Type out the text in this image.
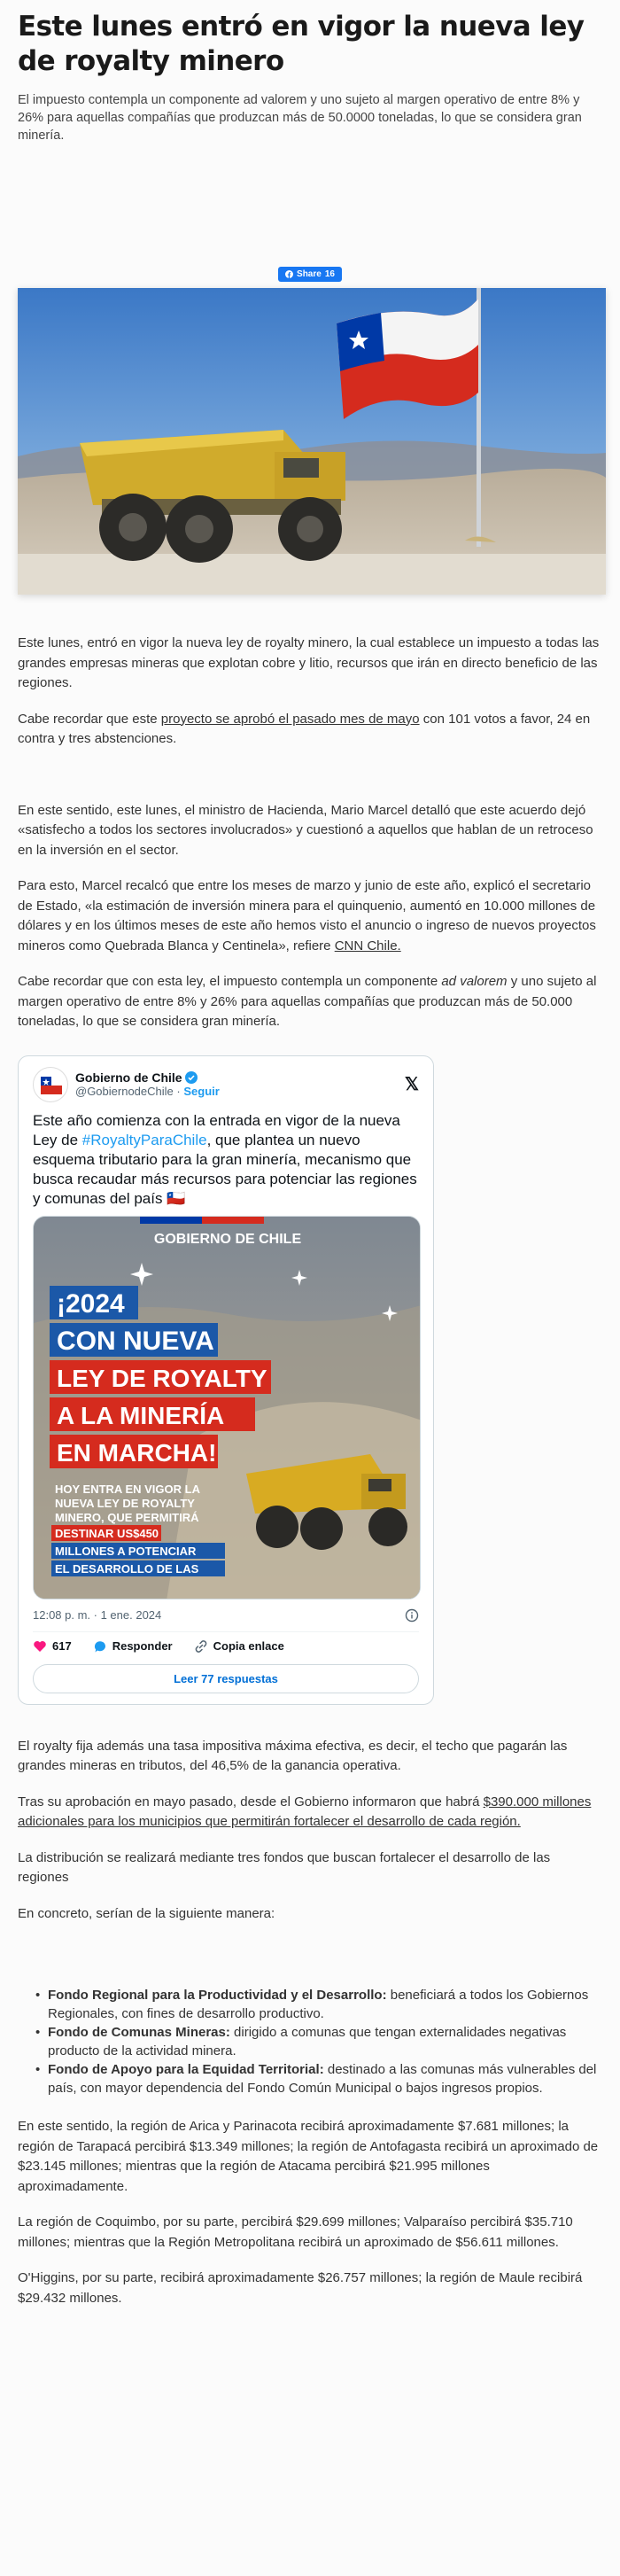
Este lunes entró en vigor la nueva ley de royalty minero

El impuesto contempla un componente ad valorem y uno sujeto al margen operativo de entre 8% y 26% para aquellas compañías que produzcan más de 50.0000 toneladas, lo que se considera gran minería.

Share 16

Este lunes, entró en vigor la nueva ley de royalty minero, la cual establece un impuesto a todas las grandes empresas mineras que explotan cobre y litio, recursos que irán en directo beneficio de las regiones.

Cabe recordar que este proyecto se aprobó el pasado mes de mayo con 101 votos a favor, 24 en contra y tres abstenciones.

En este sentido, este lunes, el ministro de Hacienda, Mario Marcel detalló que este acuerdo dejó «satisfecho a todos los sectores involucrados» y cuestionó a aquellos que hablan de un retroceso en la inversión en el sector.

Para esto, Marcel recalcó que entre los meses de marzo y junio de este año, explicó el secretario de Estado, «la estimación de inversión minera para el quinquenio, aumentó en 10.000 millones de dólares y en los últimos meses de este año hemos visto el anuncio o ingreso de nuevos proyectos mineros como Quebrada Blanca y Centinela», refiere CNN Chile.

Cabe recordar que con esta ley, el impuesto contempla un componente ad valorem y uno sujeto al margen operativo de entre 8% y 26% para aquellas compañías que produzcan más de 50.000 toneladas, lo que se considera gran minería.

Gobierno de Chile
@GobiernodeChile · Seguir	𝕏
Este año comienza con la entrada en vigor de la nueva Ley de #RoyaltyParaChile, que plantea un nuevo esquema tributario para la gran minería, mecanismo que busca recaudar más recursos para potenciar las regiones y comunas del país 🇨🇱
GOBIERNO DE CHILE
¡2024
CON NUEVA
LEY DE ROYALTY
A LA MINERÍA
EN MARCHA!
HOY ENTRA EN VIGOR LA
NUEVA LEY DE ROYALTY
MINERO, QUE PERMITIRÁ
DESTINAR US$450
MILLONES A POTENCIAR
EL DESARROLLO DE LAS
12:08 p. m. · 1 ene. 2024
617	Responder	Copia enlace
Leer 77 respuestas

El royalty fija además una tasa impositiva máxima efectiva, es decir, el techo que pagarán las grandes mineras en tributos, del 46,5% de la ganancia operativa.

Tras su aprobación en mayo pasado, desde el Gobierno informaron que habrá $390.000 millones adicionales para los municipios que permitirán fortalecer el desarrollo de cada región.

La distribución se realizará mediante tres fondos que buscan fortalecer el desarrollo de las regiones

En concreto, serían de la siguiente manera:

• Fondo Regional para la Productividad y el Desarrollo: beneficiará a todos los Gobiernos Regionales, con fines de desarrollo productivo.
• Fondo de Comunas Mineras: dirigido a comunas que tengan externalidades negativas producto de la actividad minera.
• Fondo de Apoyo para la Equidad Territorial: destinado a las comunas más vulnerables del país, con mayor dependencia del Fondo Común Municipal o bajos ingresos propios.

En este sentido, la región de Arica y Parinacota recibirá aproximadamente $7.681 millones; la región de Tarapacá percibirá $13.349 millones; la región de Antofagasta recibirá un aproximado de $23.145 millones; mientras que la región de Atacama percibirá $21.995 millones aproximadamente.

La región de Coquimbo, por su parte, percibirá $29.699 millones; Valparaíso percibirá $35.710 millones; mientras que la Región Metropolitana recibirá un aproximado de $56.611 millones.

O'Higgins, por su parte, recibirá aproximadamente $26.757 millones; la región de Maule recibirá $29.432 millones.
